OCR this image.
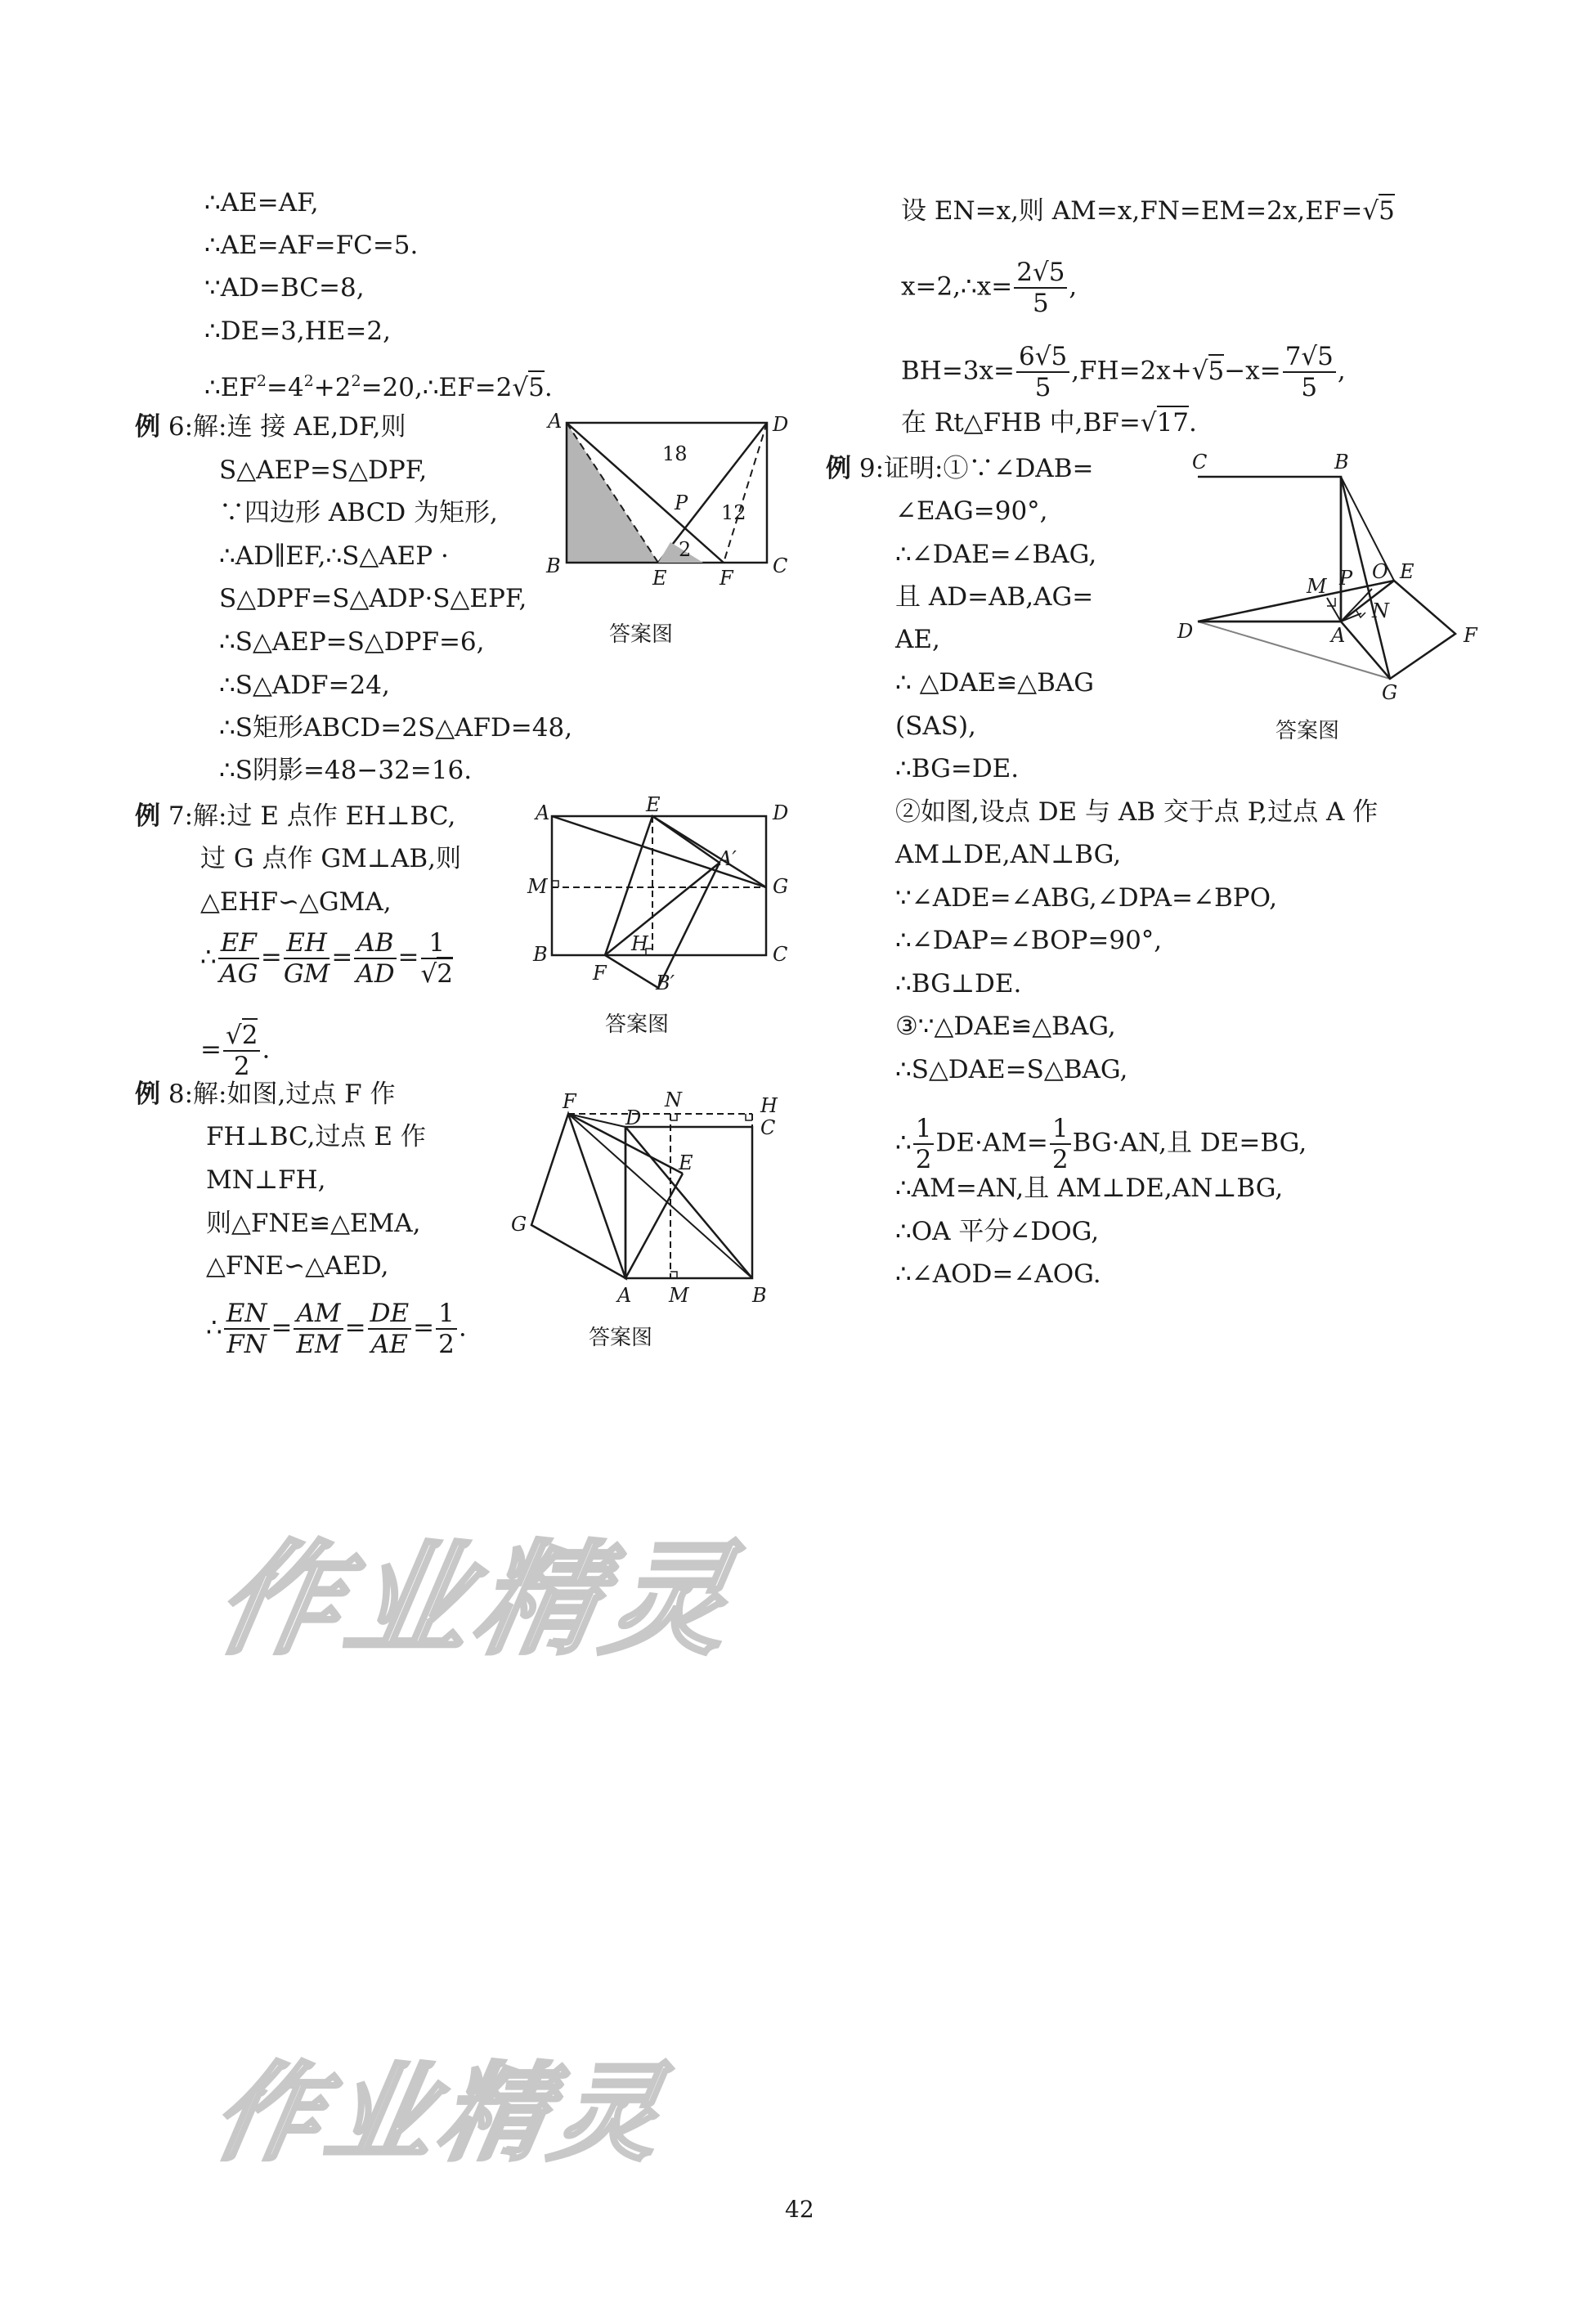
∴AE=AF,
∴AE=AF=FC=5.
∵AD=BC=8,
∴DE=3,HE=2,
$\therefore EF^2=4^2+2^2=20,\therefore EF=2√5$.
例 6:解:连 接 AE,DF,则
S△AEP=S△DPF,
∵四边形 ABCD 为矩形,
∴AD∥EF,∴S△AEP ·
S△DPF=S△ADP·S△EPF,
∴S△AEP=S△DPF=6,
∴S△ADF=24,
∴S矩形ABCD=2S△AFD=48,
∴S阴影=48−32=16.
A	D
B	C
E	F
P
18
12
2
答案图
例 7:解:过 E 点作 EH⊥BC,
过 G 点作 GM⊥AB,则
△EHF∽△GMA,
∴ $\frac{EF}{AG} = \frac{EH}{GM} = \frac{AB}{AD} = \frac{1}{√2}$
= $\frac{√2}{2}$ .
A	E	D
A′
M	G
B	H	C
F	B′
答案图
例 8:解:如图,过点 F 作
FH⊥BC,过点 E 作
MN⊥FH,
则△FNE≌△EMA,
△FNE∽△AED,
∴ $\frac{EN}{FN} = \frac{AM}{EM} = \frac{DE}{AE} = \frac{1}{2}$ .
F	N	H
D	C
E
G
A M	B
答案图
设 EN=x,则 AM=x,FN=EM=2x,EF=√5
x=2,∴x= $\frac{2√5}{5}$ ,
$BH=3x= \frac{6√5}{5} ,FH=2x+√5-x= \frac{7√5}{5}$ ,
在 Rt△FHB 中,BF=√17.
例 9:证明:①∵∠DAB=
∠EAG=90°,
∴∠DAE=∠BAG,
且 AD=AB,AG=
AE,
∴ △DAE≌△BAG
(SAS),
∴BG=DE.
②如图,设点 DE 与 AB 交于点 P,过点 A 作
AM⊥DE,AN⊥BG,
∵∠ADE=∠ABG,∠DPA=∠BPO,
∴∠DAP=∠BOP=90°,
∴BG⊥DE.
③∵△DAE≌△BAG,
∴S△DAE=S△BAG,
∴ $\frac{1}{2} DE\cdot AM= \frac{1}{2} BG\cdot AN$,且 DE=BG,
∴AM=AN,且 AM⊥DE,AN⊥BG,
∴OA 平分∠DOG,
∴∠AOD=∠AOG.
C	B
M P O E
N
D	A	F
G
答案图
作业精灵
作业精灵
42
